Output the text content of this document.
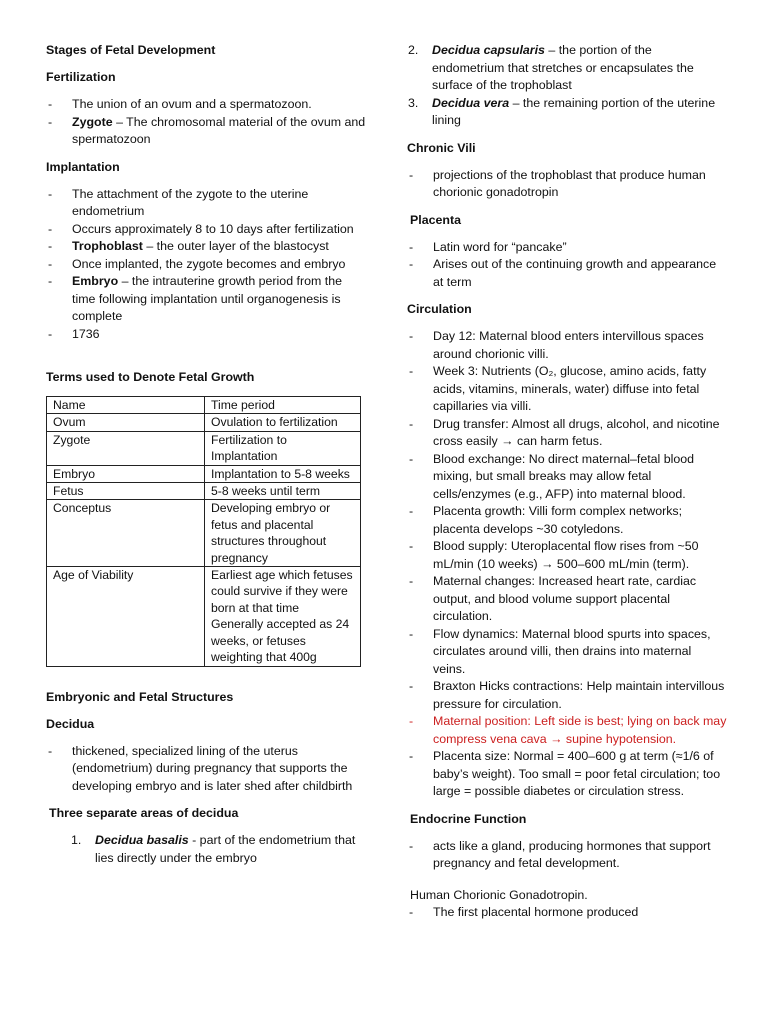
Stages of Fetal Development

Fertilization

- The union of an ovum and a spermatozoon.
- Zygote – The chromosomal material of the ovum and spermatozoon

Implantation

- The attachment of the zygote to the uterine endometrium
- Occurs approximately 8 to 10 days after fertilization
- Trophoblast – the outer layer of the blastocyst
- Once implanted, the zygote becomes and embryo
- Embryo – the intrauterine growth period from the time following implantation until organogenesis is complete
- 1736

Terms used to Denote Fetal Growth

Name	Time period
Ovum	Ovulation to fertilization
Zygote	Fertilization to Implantation
Embryo	Implantation to 5-8 weeks
Fetus	5-8 weeks until term
Conceptus	Developing embryo or fetus and placental structures throughout pregnancy
Age of Viability	Earliest age which fetuses could survive if they were born at that time
Generally accepted as 24 weeks, or fetuses weighting that 400g

Embryonic and Fetal Structures

Decidua

- thickened, specialized lining of the uterus (endometrium) during pregnancy that supports the developing embryo and is later shed after childbirth

Three separate areas of decidua

1. Decidua basalis - part of the endometrium that lies directly under the embryo
2. Decidua capsularis – the portion of the endometrium that stretches or encapsulates the surface of the trophoblast
3. Decidua vera – the remaining portion of the uterine lining

Chronic Vili

- projections of the trophoblast that produce human chorionic gonadotropin

Placenta

- Latin word for “pancake”
- Arises out of the continuing growth and appearance at term

Circulation

- Day 12: Maternal blood enters intervillous spaces around chorionic villi.
- Week 3: Nutrients (O₂, glucose, amino acids, fatty acids, vitamins, minerals, water) diffuse into fetal capillaries via villi.
- Drug transfer: Almost all drugs, alcohol, and nicotine cross easily → can harm fetus.
- Blood exchange: No direct maternal–fetal blood mixing, but small breaks may allow fetal cells/enzymes (e.g., AFP) into maternal blood.
- Placenta growth: Villi form complex networks; placenta develops ~30 cotyledons.
- Blood supply: Uteroplacental flow rises from ~50 mL/min (10 weeks) → 500–600 mL/min (term).
- Maternal changes: Increased heart rate, cardiac output, and blood volume support placental circulation.
- Flow dynamics: Maternal blood spurts into spaces, circulates around villi, then drains into maternal veins.
- Braxton Hicks contractions: Help maintain intervillous pressure for circulation.
- Maternal position: Left side is best; lying on back may compress vena cava → supine hypotension.
- Placenta size: Normal = 400–600 g at term (≈1/6 of baby’s weight). Too small = poor fetal circulation; too large = possible diabetes or circulation stress.

Endocrine Function

- acts like a gland, producing hormones that support pregnancy and fetal development.

Human Chorionic Gonadotropin.

- The first placental hormone produced
